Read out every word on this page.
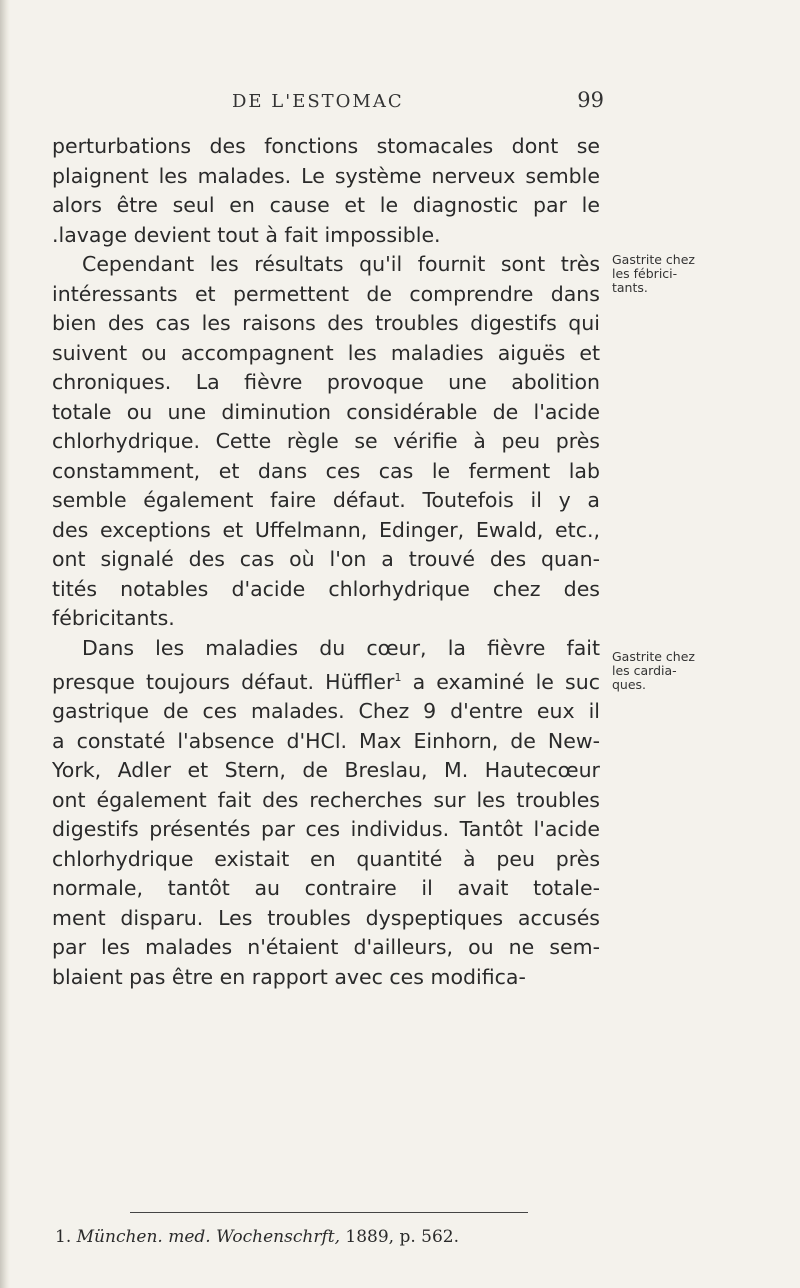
DE L'ESTOMAC	99
perturbations des fonctions stomacales dont se
plaignent les malades. Le système nerveux semble
alors être seul en cause et le diagnostic par le
.lavage devient tout à fait impossible.
Cependant les résultats qu'il fournit sont très
intéressants et permettent de comprendre dans
bien des cas les raisons des troubles digestifs qui
suivent ou accompagnent les maladies aiguës et
chroniques. La fièvre provoque une abolition
totale ou une diminution considérable de l'acide
chlorhydrique. Cette règle se vérifie à peu près
constamment, et dans ces cas le ferment lab
semble également faire défaut. Toutefois il y a
des exceptions et Uffelmann, Edinger, Ewald, etc.,
ont signalé des cas où l'on a trouvé des quan-
tités notables d'acide chlorhydrique chez des
fébricitants.
Dans les maladies du cœur, la fièvre fait
presque toujours défaut. Hüffler$^1$ a examiné le suc
gastrique de ces malades. Chez 9 d'entre eux il
a constaté l'absence d'HCl. Max Einhorn, de New-
York, Adler et Stern, de Breslau, M. Hautecœur
ont également fait des recherches sur les troubles
digestifs présentés par ces individus. Tantôt l'acide
chlorhydrique existait en quantité à peu près
normale, tantôt au contraire il avait totale-
ment disparu. Les troubles dyspeptiques accusés
par les malades n'étaient d'ailleurs, ou ne sem-
blaient pas être en rapport avec ces modifica-
Gastrite chez
les fébrici-
tants.
Gastrite chez
les cardia-
ques.
1. München. med. Wochenschrft, 1889, p. 562.
